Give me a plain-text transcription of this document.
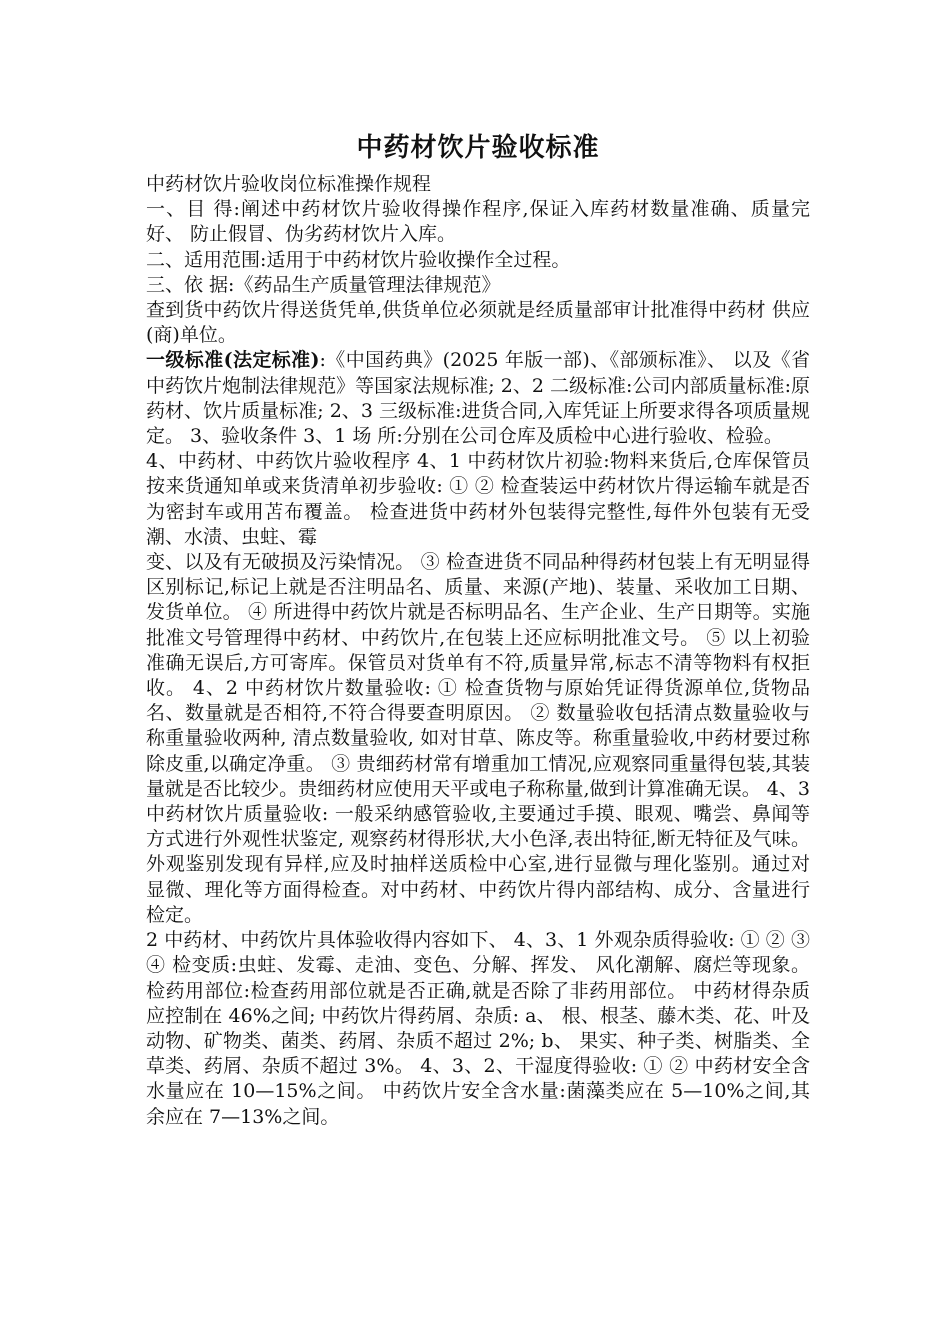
中药材饮片验收标准

中药材饮片验收岗位标准操作规程

一、目 得:阐述中药材饮片验收得操作程序,保证入库药材数量准确、质量完好、 防止假冒、伪劣药材饮片入库。

二、适用范围:适用于中药材饮片验收操作全过程。

三、依 据:《药品生产质量管理法律规范》

查到货中药饮片得送货凭单,供货单位必须就是经质量部审计批准得中药材 供应(商)单位。

一级标准(法定标准):《中国药典》(2025 年版一部)、《部颁标准》、 以及《省中药饮片炮制法律规范》等国家法规标准; 2、2 二级标准:公司内部质量标准:原药材、饮片质量标准; 2、3 三级标准:进货合同,入库凭证上所要求得各项质量规定。 3、验收条件 3、1 场 所:分别在公司仓库及质检中心进行验收、检验。

4、中药材、中药饮片验收程序 4、1 中药材饮片初验:物料来货后,仓库保管员按来货通知单或来货清单初步验收: ① ② 检查装运中药材饮片得运输车就是否为密封车或用苫布覆盖。 检查进货中药材外包装得完整性,每件外包装有无受潮、水渍、虫蛀、霉

变、以及有无破损及污染情况。 ③ 检查进货不同品种得药材包装上有无明显得区别标记,标记上就是否注明品名、质量、来源(产地)、装量、采收加工日期、发货单位。 ④ 所进得中药饮片就是否标明品名、生产企业、生产日期等。实施批准文号管理得中药材、中药饮片,在包装上还应标明批准文号。 ⑤ 以上初验准确无误后,方可寄库。保管员对货单有不符,质量异常,标志不清等物料有权拒收。 4、2 中药材饮片数量验收: ① 检查货物与原始凭证得货源单位,货物品名、数量就是否相符,不符合得要查明原因。 ② 数量验收包括清点数量验收与称重量验收两种, 清点数量验收, 如对甘草、陈皮等。称重量验收,中药材要过称除皮重,以确定净重。 ③ 贵细药材常有增重加工情况,应观察同重量得包装,其装量就是否比较少。贵细药材应使用天平或电子称称量,做到计算准确无误。 4、3 中药材饮片质量验收: 一般采纳感管验收,主要通过手摸、眼观、嘴尝、鼻闻等方式进行外观性状鉴定, 观察药材得形状,大小色泽,表出特征,断无特征及气味。 外观鉴别发现有异样,应及时抽样送质检中心室,进行显微与理化鉴别。通过对 显微、理化等方面得检查。对中药材、中药饮片得内部结构、成分、含量进行检定。

2 中药材、中药饮片具体验收得内容如下、 4、3、1 外观杂质得验收: ① ② ③ ④ 检变质:虫蛀、发霉、走油、变色、分解、挥发、 风化潮解、腐烂等现象。 检药用部位:检查药用部位就是否正确,就是否除了非药用部位。 中药材得杂质应控制在 46%之间; 中药饮片得药屑、杂质: a、 根、根茎、藤木类、花、叶及动物、矿物类、菌类、药屑、杂质不超过 2%; b、 果实、种子类、树脂类、全草类、药屑、杂质不超过 3%。 4、3、2、干湿度得验收: ① ② 中药材安全含水量应在 10—15%之间。 中药饮片安全含水量:菌藻类应在 5—10%之间,其余应在 7—13%之间。
